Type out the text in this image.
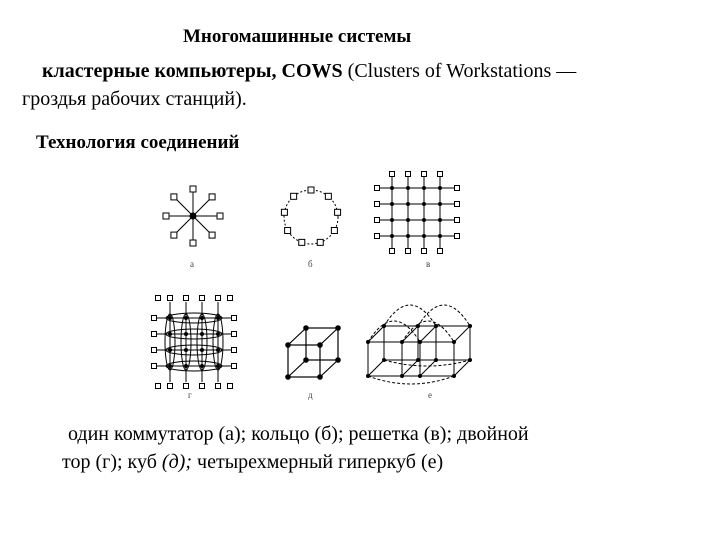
Многомашинные системы
кластерные компьютеры, COWS (Clusters of Workstations —
гроздья рабочих станций).
Технология соединений
а	б	в
г	д	е
один коммутатор (а); кольцо (б); решетка (в); двойной
тор (г); куб (д); четырехмерный гиперкуб (е)
